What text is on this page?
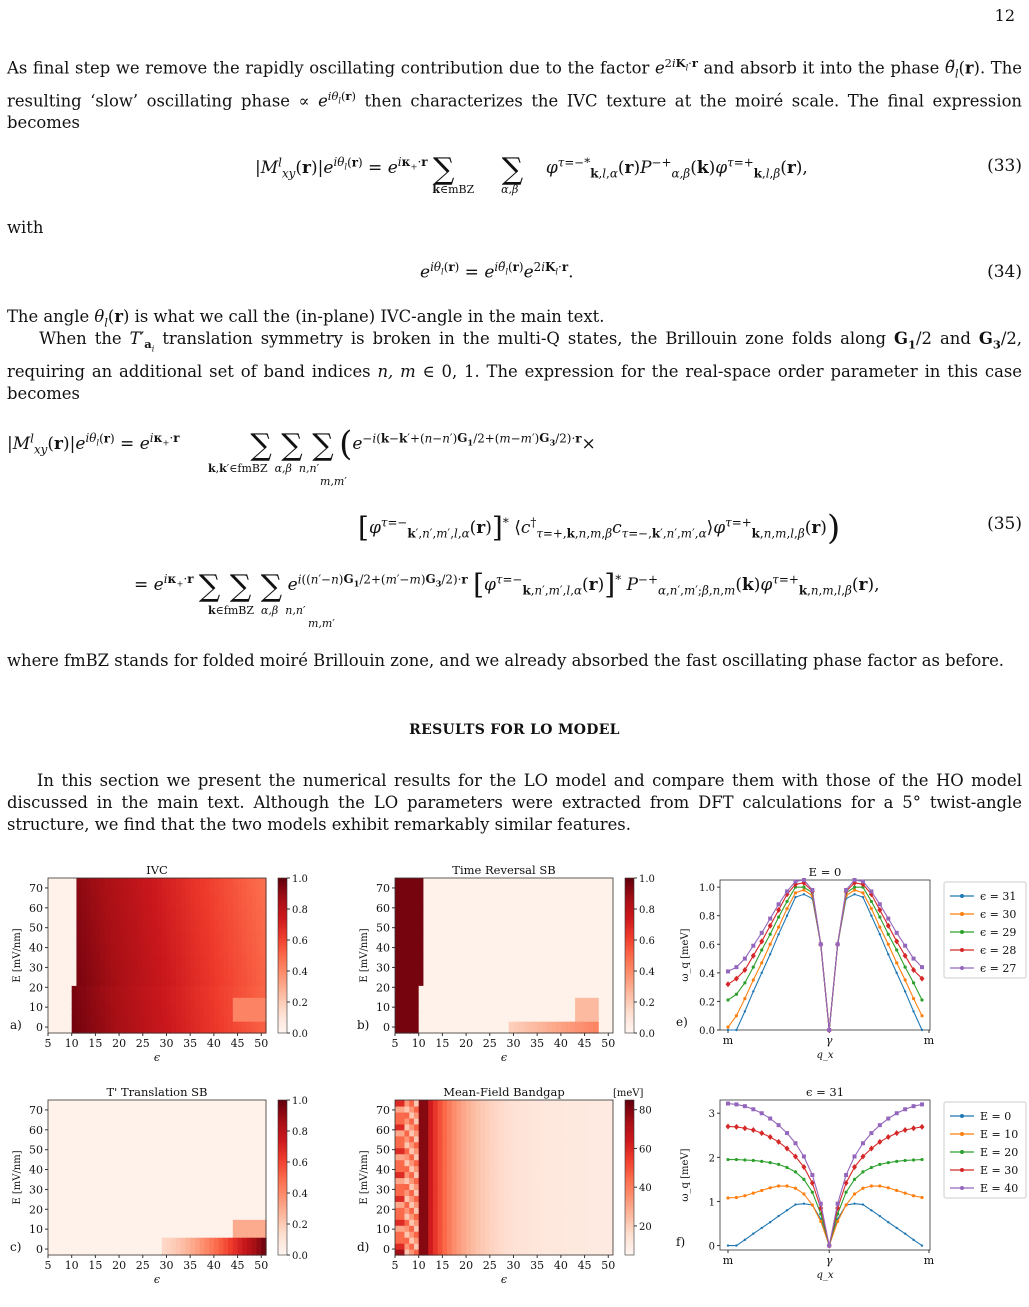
12
As final step we remove the rapidly oscillating contribution due to the factor $e^{2iK_l\cdot r}$ and absorb it into the phase $\thetã_l(r)$. The resulting ‘slow’ oscillating phase ∝ $e^{i\theta_l(r)}$ then characterizes the IVC texture at the moiré scale. The final expression becomes
$|M^l_{xy}(r)|e^{i\theta_l(r)} = e^{i\kappa_+\cdot r}$ $\sum_{k\in mBZ}$ $\sum_{\alpha,\beta}$ $\varphi^{\tau=-*}_{k,l,\alpha}(r)P^{-+}_{\alpha,\beta}(k)\varphi^{\tau=+}_{k,l,\beta}(r)$,	(33)
with
$e^{i\theta_l(r)} = e^{i\thetã_l(r)}e^{2iK_l\cdot r}$.	(34)
The angle $\theta_l(r)$ is what we call the (in-plane) IVC-angle in the main text.
When the $T'_{a_i}$ translation symmetry is broken in the multi-Q states, the Brillouin zone folds along $G_1/2$ and $G_3/2$, requiring an additional set of band indices n, m ∈ 0, 1. The expression for the real-space order parameter in this case becomes
$|M^l_{xy}(r)|e^{i\theta_l(r)} = e^{i\kappa_+\cdot r}$ ∑ ∑ ∑ ($e^{-i(k-k'+(n-n')G_1/2+(m-m')G_3/2)\cdot r}\times$
k,k′∈fmBZ  α,β n,n′
m,m′
$[\varphi^{\tau=-}_{k',n',m',l,\alpha}(r)]^*$ $⟨c^\dagger_{\tau=+,k,n,m,\beta}c_{\tau=-,k',n',m',\alpha}⟩\varphi^{\tau=+}_{k,n,m,l,\beta}(r)$)	(35)
= $e^{i\kappa_+\cdot r}$ ∑ ∑ ∑ $e^{i((n'-n)G_1/2+(m'-m)G_3/2)\cdot r}$ $[\varphi^{\tau=-}_{k,n',m',l,\alpha}(r)]^*$ $P^{-+}_{\alpha,n',m';\beta,n,m}(k)\varphi^{\tau=+}_{k,n,m,l,\beta}(r)$,
k∈fmBZ  α,β n,n′
m,m′
where fmBZ stands for folded moiré Brillouin zone, and we already absorbed the fast oscillating phase factor as before.
RESULTS FOR LO MODEL
In this section we present the numerical results for the LO model and compare them with those of the HO model discussed in the main text. Although the LO parameters were extracted from DFT calculations for a 5° twist-angle structure, we find that the two models exhibit remarkably similar features.
IVC
5 10 15 20 25 30 35 40 45 50
0
10
20
30
40
50
60
70
ϵ
E [mV/nm]
a)
0.0
0.2
0.4
0.6
0.8
1.0
Time Reversal SB
5 10 15 20 25 30 35 40 45 50
0
10
20
30
40
50
60
70
ϵ
E [mV/nm]
b)
0.0
0.2
0.4
0.6
0.8
1.0
E = 0
0.0
0.2
0.4
0.6
0.8
1.0
m	γ	m
q_x
ω_q [meV]
e)
ϵ = 31
ϵ = 30
ϵ = 29
ϵ = 28
ϵ = 27
T' Translation SB
5 10 15 20 25 30 35 40 45 50
0
10
20
30
40
50
60
70
ϵ
E [mV/nm]
c)
0.0
0.2
0.4
0.6
0.8
1.0
Mean-Field Bandgap
5 10 15 20 25 30 35 40 45 50
0
10
20
30
40
50
60
70
ϵ
E [mV/nm]
d)
20
40
60
80
[meV]	ϵ = 31
0
1
2
3
m	γ	m
q_x
ω_q [meV]
f)
E = 0
E = 10
E = 20
E = 30
E = 40
